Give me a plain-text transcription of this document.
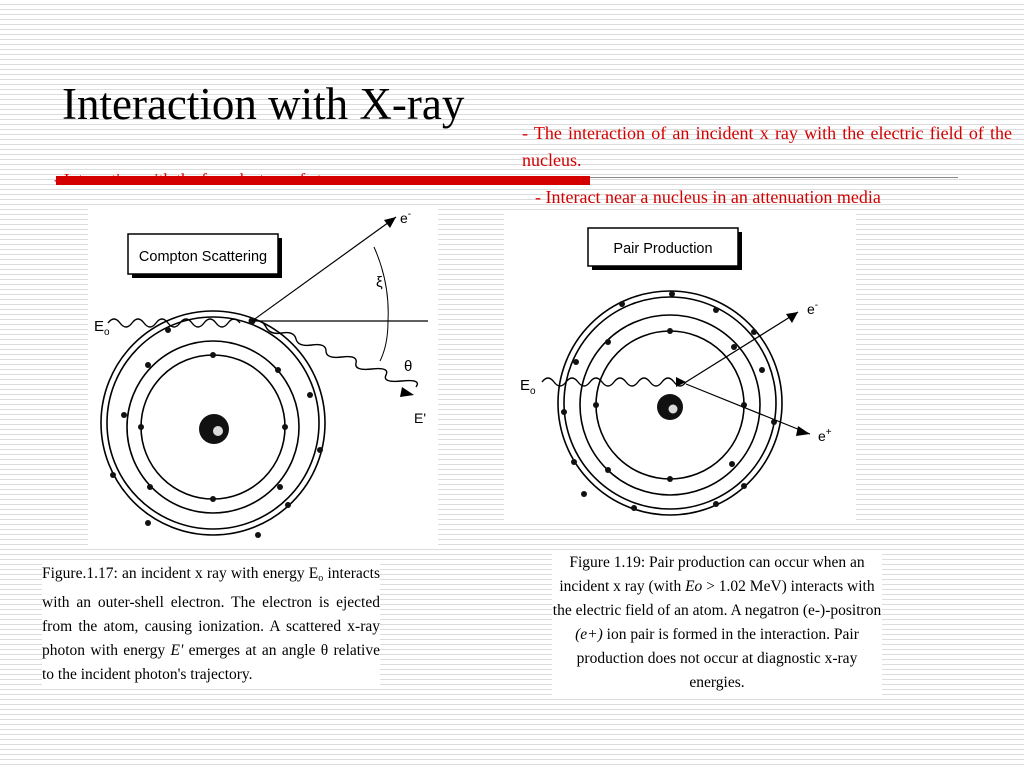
Interaction with X-ray
- Interaction with the free electron of atom
- The interaction of an incident x ray with the electric field of the nucleus.
- Interact near a nucleus in an attenuation media
Compton Scattering
$E_o$
e-
ξ
θ
E'
Pair Production
$E_o$
e-
e+
Figure.1.17: an incident x ray with energy $E_o$ interacts with an outer-shell electron. The electron is ejected from the atom, causing ionization. A scattered x-ray photon with energy E' emerges at an angle θ relative to the incident photon's trajectory.
Figure 1.19: Pair production can occur when an incident x ray (with Eo > 1.02 MeV) interacts with the electric field of an atom. A negatron (e-)-positron (e+) ion pair is formed in the interaction. Pair production does not occur at diagnostic x-ray energies.
